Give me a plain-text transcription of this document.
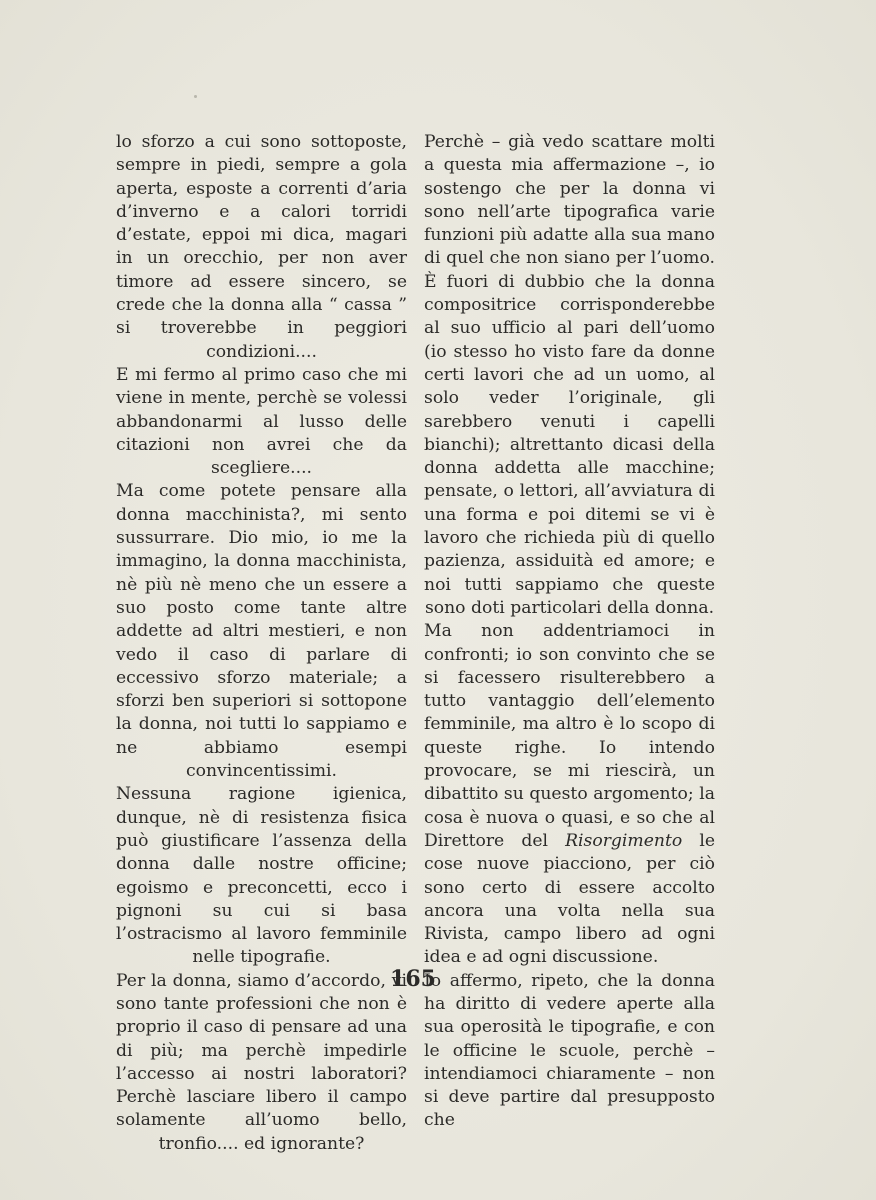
lo sforzo a cui sono sottoposte, sempre in piedi, sempre a gola aperta, esposte a correnti d’aria d’inverno e a calori torridi d’estate, eppoi mi dica, magari in un orecchio, per non aver timore ad essere sincero, se crede che la donna alla “ cassa ” si troverebbe in peggiori condizioni....

E mi fermo al primo caso che mi viene in mente, perchè se volessi abbandonarmi al lusso delle citazioni non avrei che da scegliere....

Ma come potete pensare alla donna macchinista?, mi sento sussurrare. Dio mio, io me la immagino, la donna macchinista, nè più nè meno che un essere a suo posto come tante altre addette ad altri mestieri, e non vedo il caso di parlare di eccessivo sforzo materiale; a sforzi ben superiori si sottopone la donna, noi tutti lo sappiamo e ne abbiamo esempi convincentissimi.

Nessuna ragione igienica, dunque, nè di resistenza fisica può giustificare l’assenza della donna dalle nostre officine; egoismo e preconcetti, ecco i pignoni su cui si basa l’ostracismo al lavoro femminile nelle tipografie.

Per la donna, siamo d’accordo, vi sono tante professioni che non è proprio il caso di pensare ad una di più; ma perchè impedirle l’accesso ai nostri laboratori? Perchè lasciare libero il campo solamente all’uomo bello, tronfio.... ed ignorante?

Perchè – già vedo scattare molti a questa mia affermazione –, io sostengo che per la donna vi sono nell’arte tipografica varie funzioni più adatte alla sua mano di quel che non siano per l’uomo. È fuori di dubbio che la donna compositrice corrisponderebbe al suo ufficio al pari dell’uomo (io stesso ho visto fare da donne certi lavori che ad un uomo, al solo veder l’originale, gli sarebbero venuti i capelli bianchi); altrettanto dicasi della donna addetta alle macchine; pensate, o lettori, all’avviatura di una forma e poi ditemi se vi è lavoro che richieda più di quello pazienza, assiduità ed amore; e noi tutti sappiamo che queste sono doti particolari della donna.

Ma non addentriamoci in confronti; io son convinto che se si facessero risulterebbero a tutto vantaggio dell’elemento femminile, ma altro è lo scopo di queste righe. Io intendo provocare, se mi riescirà, un dibattito su questo argomento; la cosa è nuova o quasi, e so che al Direttore del Risorgimento le cose nuove piacciono, per ciò sono certo di essere accolto ancora una volta nella sua Rivista, campo libero ad ogni idea e ad ogni discussione.

Io affermo, ripeto, che la donna ha diritto di vedere aperte alla sua operosità le tipografie, e con le officine le scuole, perchè – intendiamoci chiaramente – non si deve partire dal presupposto che

165
